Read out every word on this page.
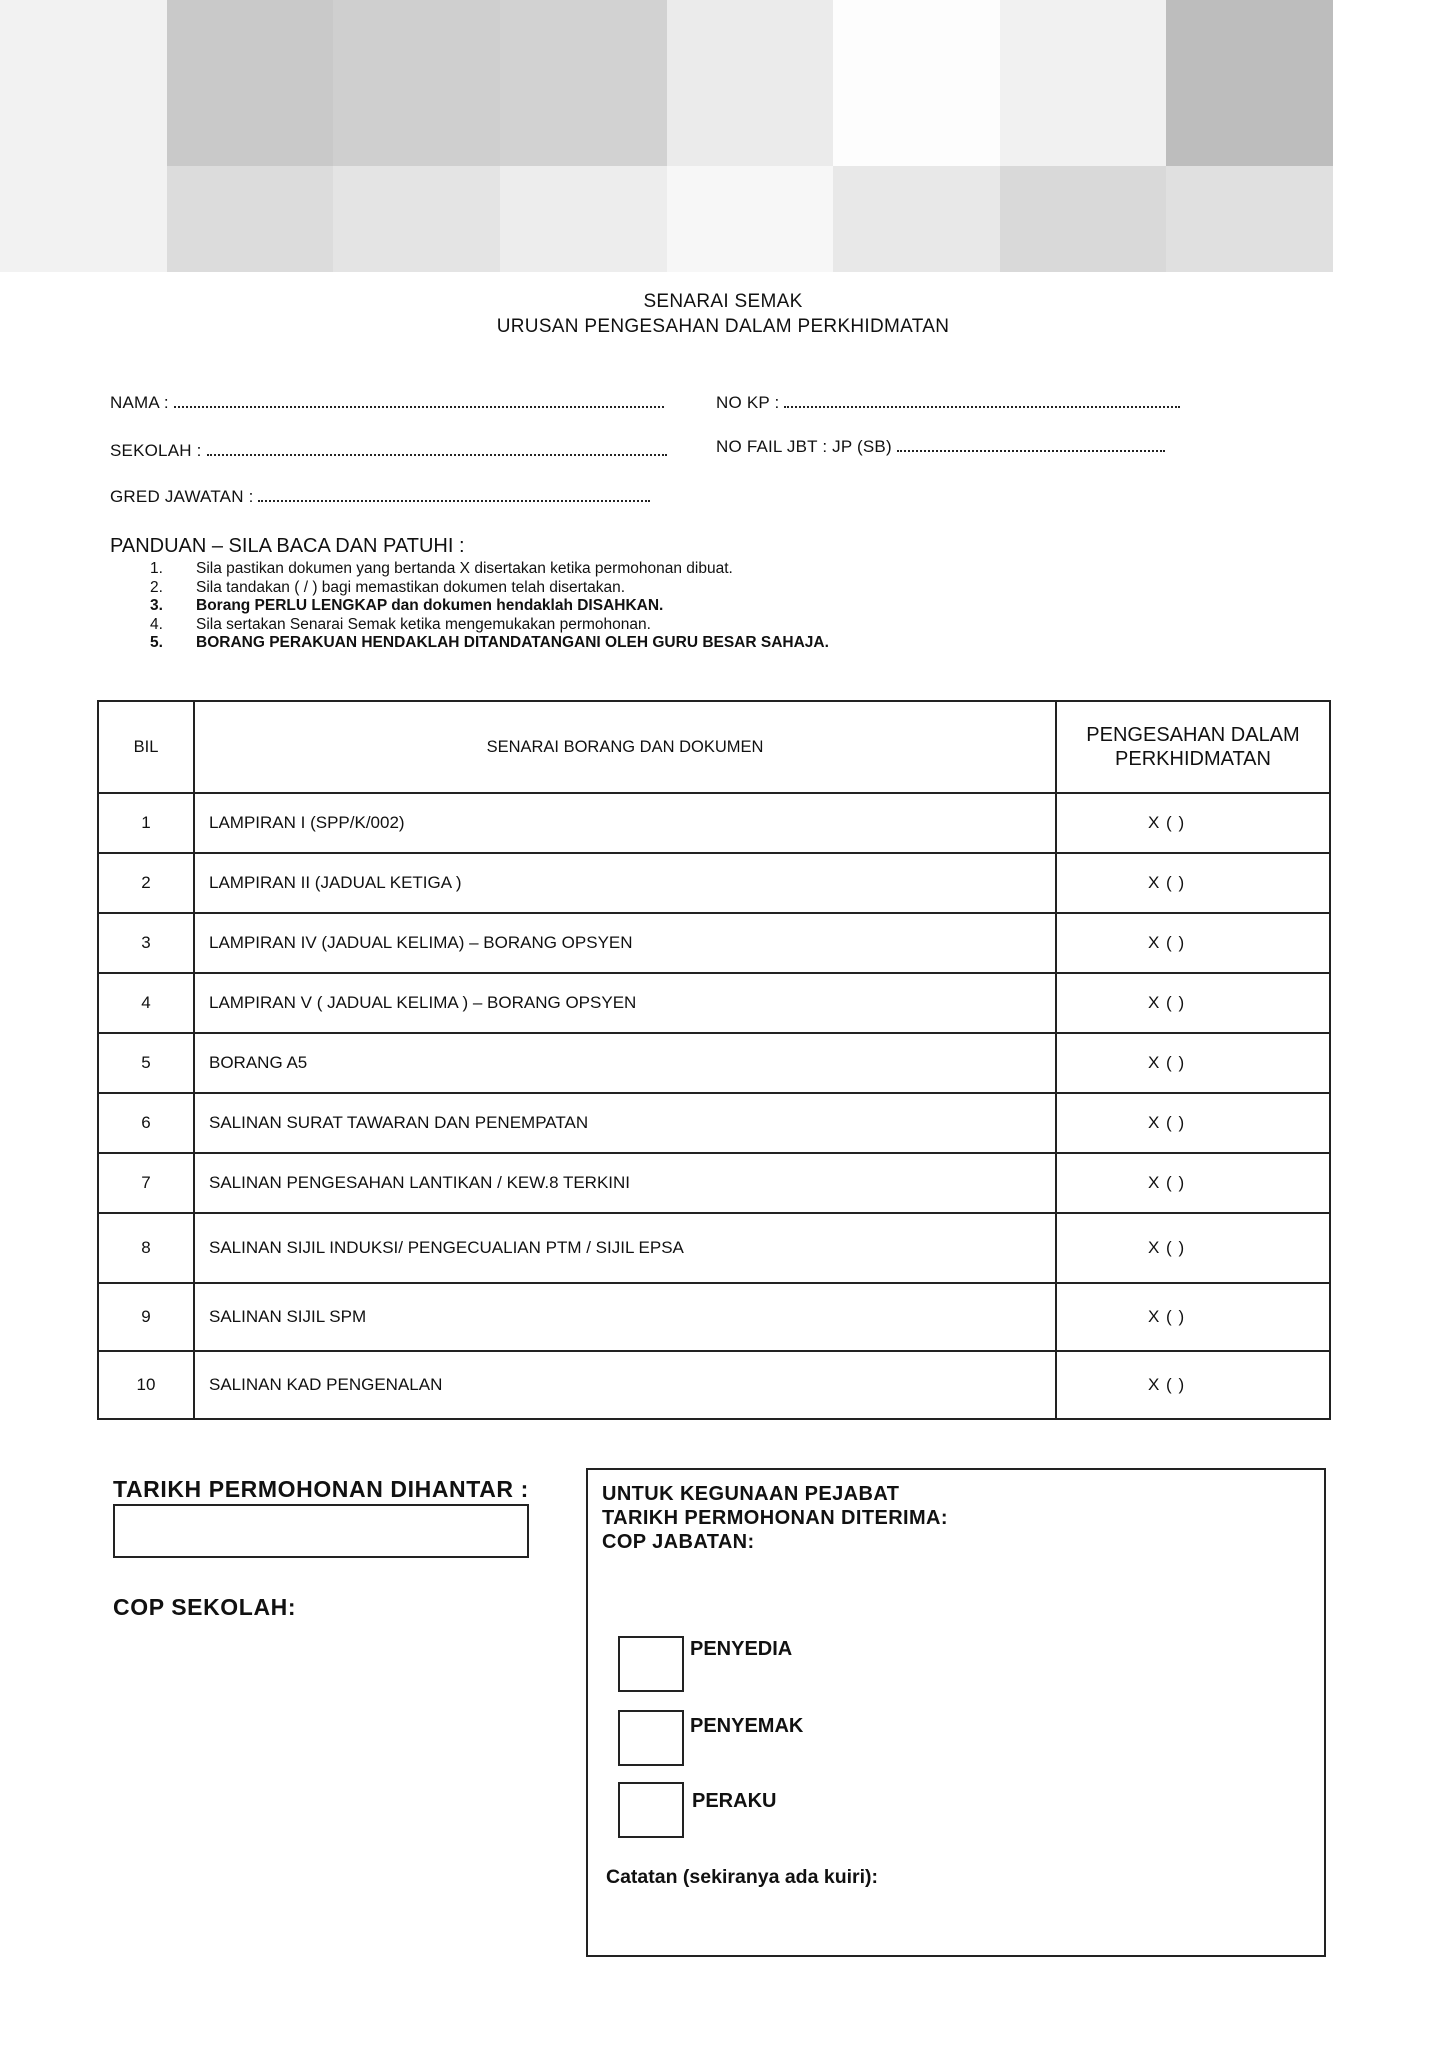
SENARAI SEMAK
URUSAN PENGESAHAN DALAM PERKHIDMATAN
NAMA :	NO KP :
SEKOLAH :	NO FAIL JBT : JP (SB)
GRED JAWATAN :
PANDUAN – SILA BACA DAN PATUHI :
1.	Sila pastikan dokumen yang bertanda X disertakan ketika permohonan dibuat.
2.	Sila tandakan ( / ) bagi memastikan dokumen telah disertakan.
3.	Borang PERLU LENGKAP dan dokumen hendaklah DISAHKAN.
4.	Sila sertakan Senarai Semak ketika mengemukakan permohonan.
5.	BORANG PERAKUAN HENDAKLAH DITANDATANGANI OLEH GURU BESAR SAHAJA.
BIL	SENARAI BORANG DAN DOKUMEN	PENGESAHAN DALAM
PERKHIDMATAN

1	LAMPIRAN I (SPP/K/002)	X ( )
2	LAMPIRAN II (JADUAL KETIGA )	X ( )
3	LAMPIRAN IV (JADUAL KELIMA) – BORANG OPSYEN	X ( )
4	LAMPIRAN V ( JADUAL KELIMA ) – BORANG OPSYEN	X ( )
5	BORANG A5	X ( )
6	SALINAN SURAT TAWARAN DAN PENEMPATAN	X ( )
7	SALINAN PENGESAHAN LANTIKAN / KEW.8 TERKINI	X ( )
8	SALINAN SIJIL INDUKSI/ PENGECUALIAN PTM / SIJIL EPSA	X ( )
9	SALINAN SIJIL SPM	X ( )
10	SALINAN KAD PENGENALAN	X ( )
TARIKH PERMOHONAN DIHANTAR :
COP SEKOLAH:
UNTUK KEGUNAAN PEJABAT
TARIKH PERMOHONAN DITERIMA:
COP JABATAN:
PENYEDIA
PENYEMAK
PERAKU
Catatan (sekiranya ada kuiri):
